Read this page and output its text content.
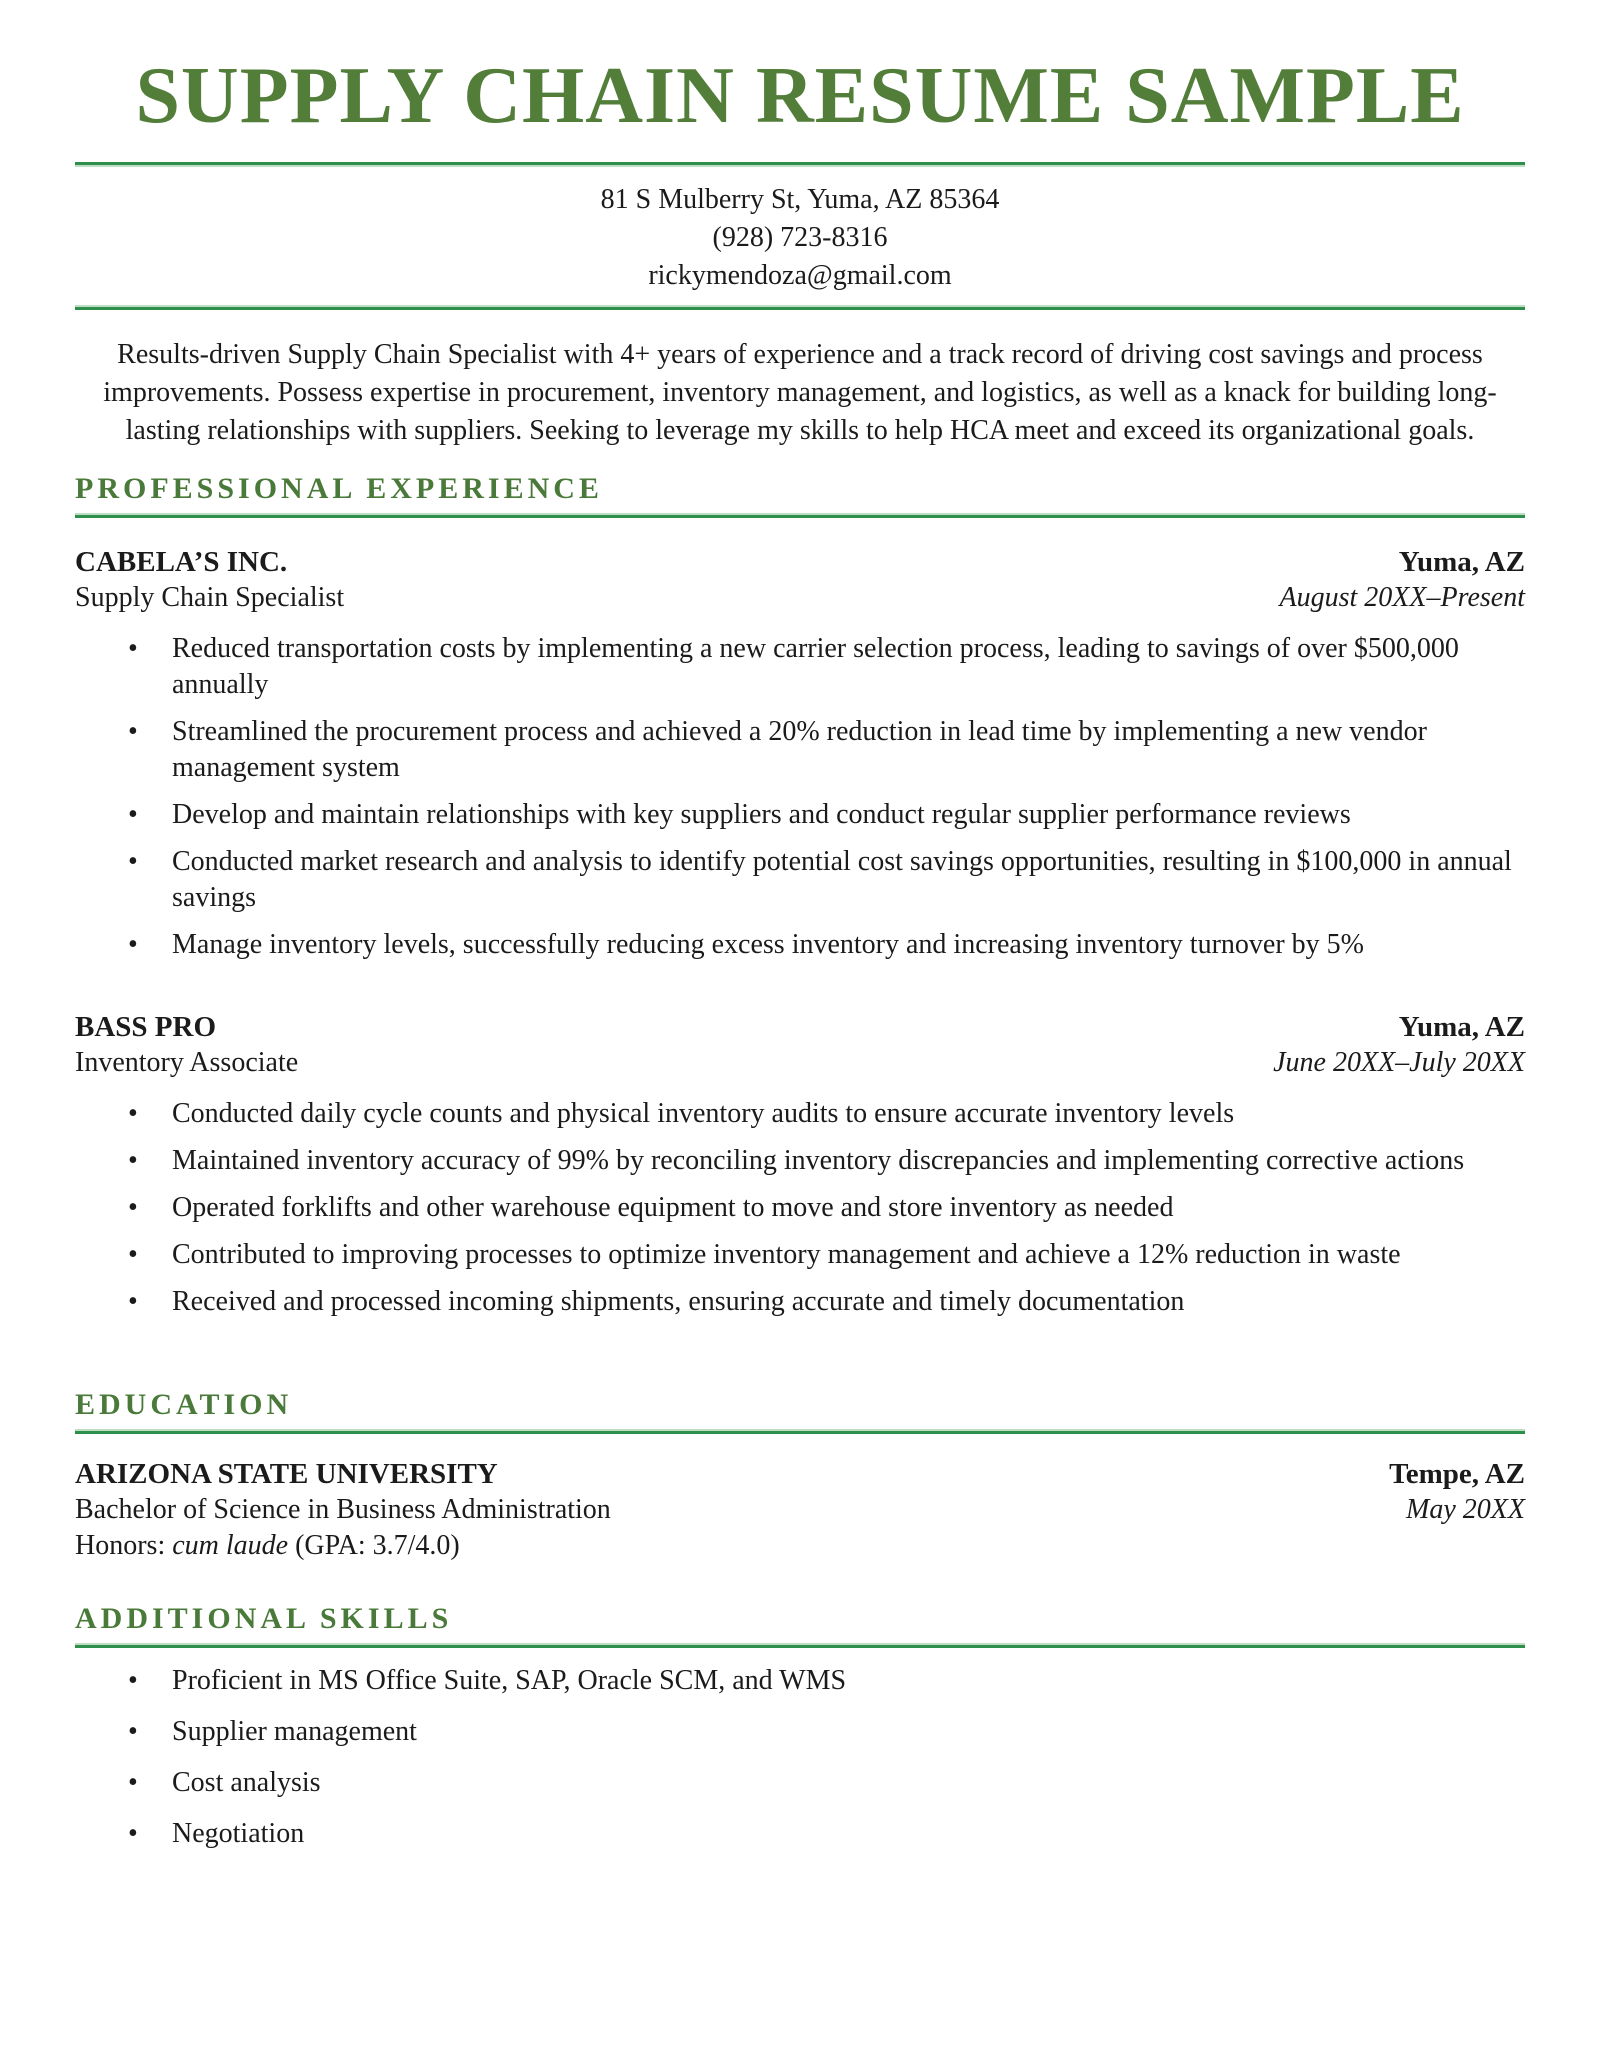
SUPPLY CHAIN RESUME SAMPLE
81 S Mulberry St, Yuma, AZ 85364
(928) 723-8316
rickymendoza@gmail.com

Results-driven Supply Chain Specialist with 4+ years of experience and a track record of driving cost savings and process improvements. Possess expertise in procurement, inventory management, and logistics, as well as a knack for building long-lasting relationships with suppliers. Seeking to leverage my skills to help HCA meet and exceed its organizational goals.

PROFESSIONAL EXPERIENCE
CABELA’S INC.	Yuma, AZ
Supply Chain Specialist	August 20XX–Present
• Reduced transportation costs by implementing a new carrier selection process, leading to savings of over $500,000 annually
• Streamlined the procurement process and achieved a 20% reduction in lead time by implementing a new vendor management system
• Develop and maintain relationships with key suppliers and conduct regular supplier performance reviews
• Conducted market research and analysis to identify potential cost savings opportunities, resulting in $100,000 in annual savings
• Manage inventory levels, successfully reducing excess inventory and increasing inventory turnover by 5%
BASS PRO	Yuma, AZ
Inventory Associate	June 20XX–July 20XX
• Conducted daily cycle counts and physical inventory audits to ensure accurate inventory levels
• Maintained inventory accuracy of 99% by reconciling inventory discrepancies and implementing corrective actions
• Operated forklifts and other warehouse equipment to move and store inventory as needed
• Contributed to improving processes to optimize inventory management and achieve a 12% reduction in waste
• Received and processed incoming shipments, ensuring accurate and timely documentation
EDUCATION
ARIZONA STATE UNIVERSITY	Tempe, AZ
Bachelor of Science in Business Administration	May 20XX
Honors: cum laude (GPA: 3.7/4.0)
ADDITIONAL SKILLS
• Proficient in MS Office Suite, SAP, Oracle SCM, and WMS
• Supplier management
• Cost analysis
• Negotiation
